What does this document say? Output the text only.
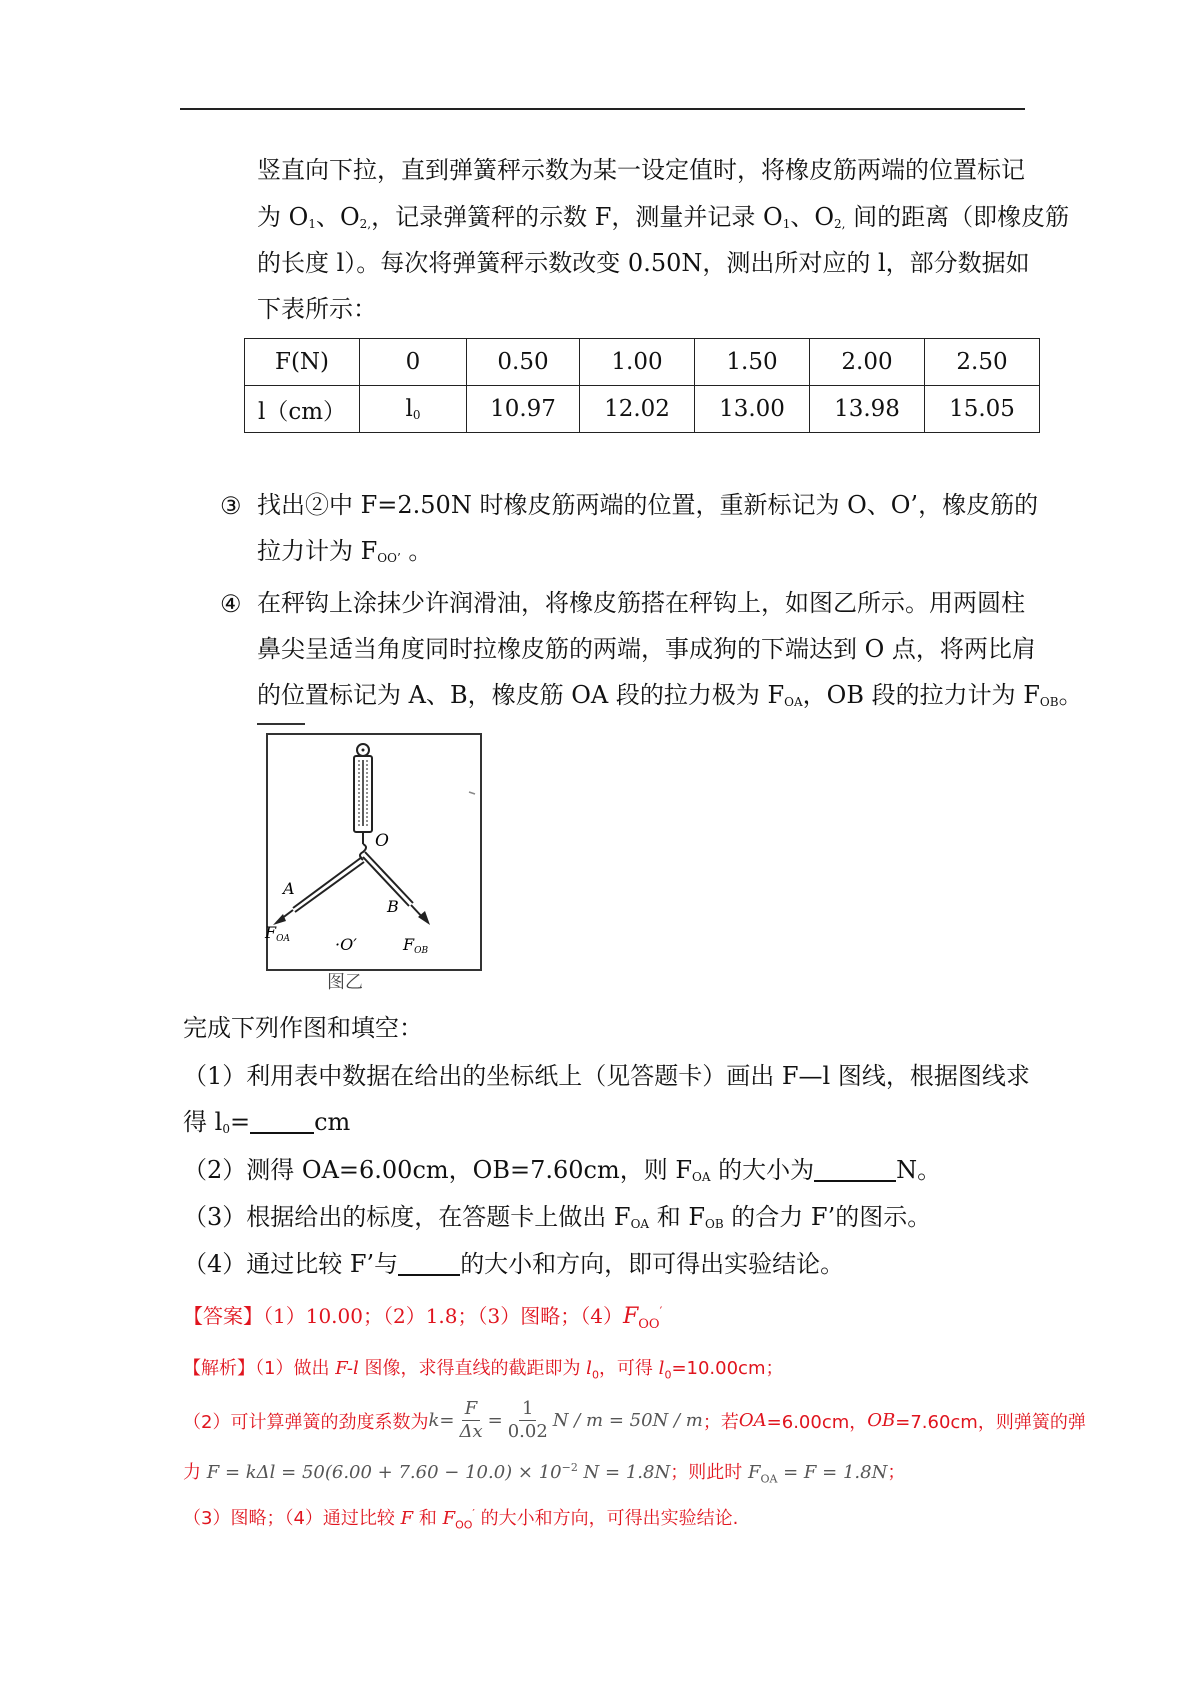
竖直向下拉，直到弹簧秤示数为某一设定值时，将橡皮筋两端的位置标记
为 $O_1$、$O_{2,}$，记录弹簧秤的示数 F，测量并记录 $O_1$、$O_{2,}$ 间的距离（即橡皮筋
的长度 l）。每次将弹簧秤示数改变 0.50N，测出所对应的 l，部分数据如
下表所示：
F(N)	0	0.50	1.00	1.50	2.00	2.50
l（cm）	$l_0$	10.97	12.02	13.00	13.98	15.05
③ 找出②中 F=2.50N 时橡皮筋两端的位置，重新标记为 O、O’，橡皮筋的
拉力计为 $F_{OO’}$ 。
④ 在秤钩上涂抹少许润滑油，将橡皮筋搭在秤钩上，如图乙所示。用两圆柱
鼻尖呈适当角度同时拉橡皮筋的两端，事成狗的下端达到 O 点，将两比肩
的位置标记为 A、B，橡皮筋 OA 段的拉力极为 $F_{OA}$，OB 段的拉力计为 $F_{OB}$。
O
A
B
FOA	FOB
·O′
图乙
完成下列作图和填空：
（1）利用表中数据在给出的坐标纸上（见答题卡）画出 F—l 图线，根据图线求
得 $l_0=$	cm
（2）测得 OA=6.00cm，OB=7.60cm，则 $F_{OA}$ 的大小为	N。
（3）根据给出的标度，在答题卡上做出 $F_{OA}$ 和 $F_{OB}$ 的合力 F’的图示。
（4）通过比较 F’与	的大小和方向，即可得出实验结论。
【答案】（1）10.00；（2）1.8；（3）图略；$(4)F_{OO}'$
【解析】（1）做出 F-l 图像，求得直线的截距即为 $l_0$，可得 $l_0=10.00cm$；
（2）可计算弹簧的劲度系数为 $k = \frac{F}{\Delta x} = \frac{1}{0.02}$ N / m = 50N / m ；若 OA =6.00cm， OB =7.60cm，则弹簧的弹
力 $F = k\Delta l = 50(6.00 + 7.60 - 10.0) \times 10^{-2}$ N = 1.8N；则此时 $F_{OA} = F = 1.8N$；
（3）图略；（4）通过比较 F 和 $F_{OO}'$ 的大小和方向，可得出实验结论.
